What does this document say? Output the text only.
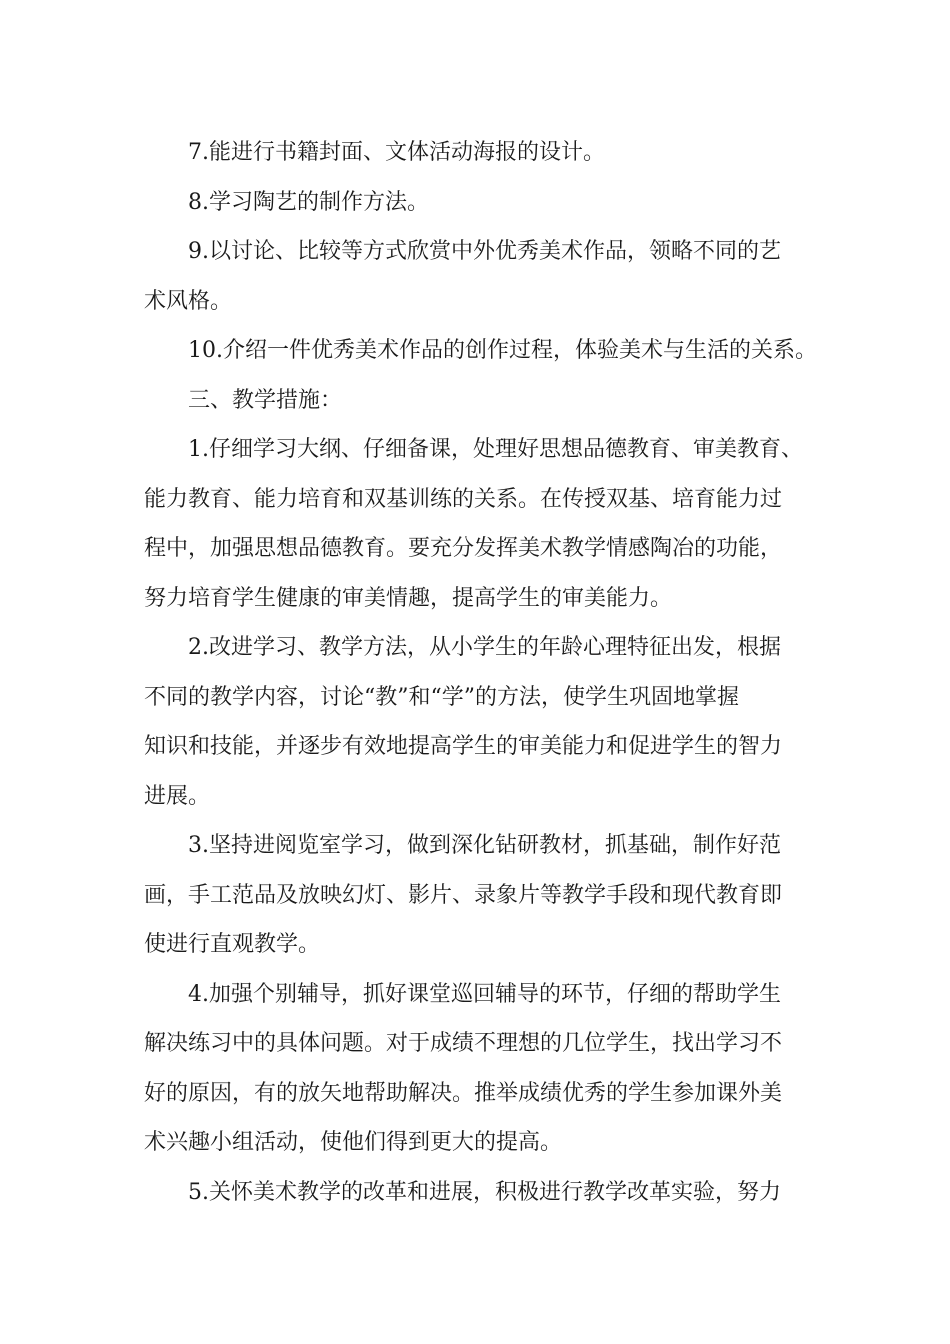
7.能进行书籍封面、文体活动海报的设计。
8.学习陶艺的制作方法。
9.以讨论、比较等方式欣赏中外优秀美术作品，领略不同的艺
术风格。
10.介绍一件优秀美术作品的创作过程，体验美术与生活的关系。
三、教学措施：
1.仔细学习大纲、仔细备课，处理好思想品德教育、审美教育、
能力教育、能力培育和双基训练的关系。在传授双基、培育能力过
程中，加强思想品德教育。要充分发挥美术教学情感陶冶的功能，
努力培育学生健康的审美情趣，提高学生的审美能力。
2.改进学习、教学方法，从小学生的年龄心理特征出发，根据
不同的教学内容，讨论“教”和“学”的方法，使学生巩固地掌握
知识和技能，并逐步有效地提高学生的审美能力和促进学生的智力
进展。
3.坚持进阅览室学习，做到深化钻研教材，抓基础，制作好范
画，手工范品及放映幻灯、影片、录象片等教学手段和现代教育即
使进行直观教学。
4.加强个别辅导，抓好课堂巡回辅导的环节，仔细的帮助学生
解决练习中的具体问题。对于成绩不理想的几位学生，找出学习不
好的原因，有的放矢地帮助解决。推举成绩优秀的学生参加课外美
术兴趣小组活动，使他们得到更大的提高。
5.关怀美术教学的改革和进展，积极进行教学改革实验，努力
